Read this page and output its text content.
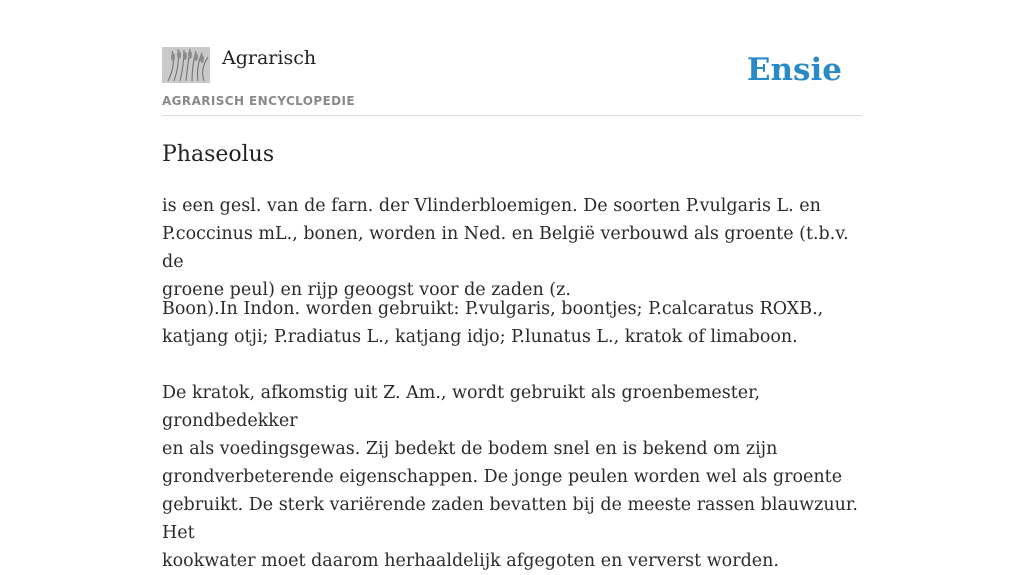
Agrarisch
AGRARISCH ENCYCLOPEDIE
Ensie
Phaseolus

is een gesl. van de farn. der Vlinderbloemigen. De soorten P.vulgaris L. en
P.coccinus mL., bonen, worden in Ned. en België verbouwd als groente (t.b.v. de
groene peul) en rijp geoogst voor de zaden (z.

Boon).In Indon. worden gebruikt: P.vulgaris, boontjes; P.calcaratus ROXB.,
katjang otji; P.radiatus L., katjang idjo; P.lunatus L., kratok of limaboon.

De kratok, afkomstig uit Z. Am., wordt gebruikt als groenbemester, grondbedekker
en als voedingsgewas. Zij bedekt de bodem snel en is bekend om zijn
grondverbeterende eigenschappen. De jonge peulen worden wel als groente
gebruikt. De sterk variërende zaden bevatten bij de meeste rassen blauwzuur. Het
kookwater moet daarom herhaaldelijk afgegoten en ververst worden.
